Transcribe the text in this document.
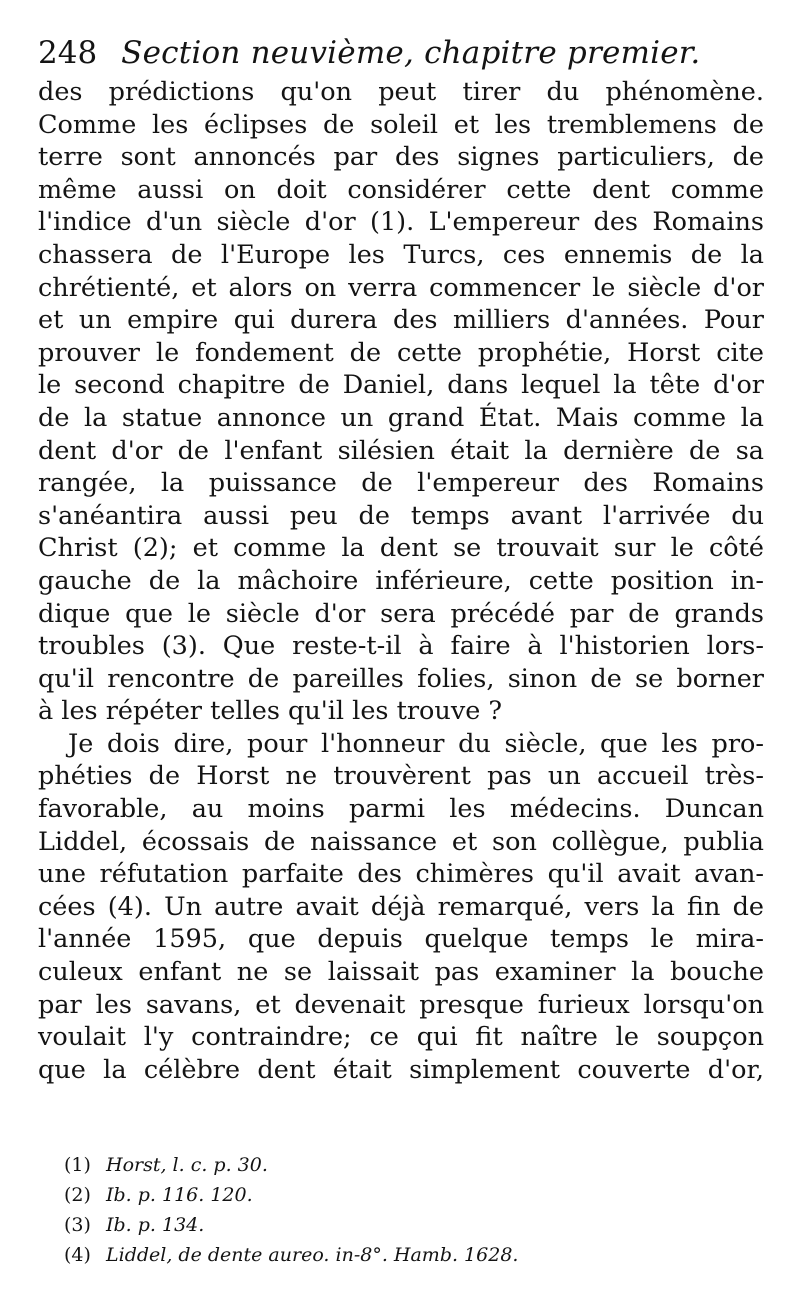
248 Section neuvième, chapitre premier.
des prédictions qu'on peut tirer du phénomène.
Comme les éclipses de soleil et les tremblemens de
terre sont annoncés par des signes particuliers, de
même aussi on doit considérer cette dent comme
l'indice d'un siècle d'or (1). L'empereur des Romains
chassera de l'Europe les Turcs, ces ennemis de la
chrétienté, et alors on verra commencer le siècle d'or
et un empire qui durera des milliers d'années. Pour
prouver le fondement de cette prophétie, Horst cite
le second chapitre de Daniel, dans lequel la tête d'or
de la statue annonce un grand État. Mais comme la
dent d'or de l'enfant silésien était la dernière de sa
rangée, la puissance de l'empereur des Romains
s'anéantira aussi peu de temps avant l'arrivée du
Christ (2); et comme la dent se trouvait sur le côté
gauche de la mâchoire inférieure, cette position in-
dique que le siècle d'or sera précédé par de grands
troubles (3). Que reste-t-il à faire à l'historien lors-
qu'il rencontre de pareilles folies, sinon de se borner
à les répéter telles qu'il les trouve ?
Je dois dire, pour l'honneur du siècle, que les pro-
phéties de Horst ne trouvèrent pas un accueil très-
favorable, au moins parmi les médecins. Duncan
Liddel, écossais de naissance et son collègue, publia
une réfutation parfaite des chimères qu'il avait avan-
cées (4). Un autre avait déjà remarqué, vers la fin de
l'année 1595, que depuis quelque temps le mira-
culeux enfant ne se laissait pas examiner la bouche
par les savans, et devenait presque furieux lorsqu'on
voulait l'y contraindre; ce qui fit naître le soupçon
que la célèbre dent était simplement couverte d'or,
(1) Horst, l. c. p. 30.
(2) Ib. p. 116. 120.
(3) Ib. p. 134.
(4) Liddel, de dente aureo. in-8°. Hamb. 1628.
